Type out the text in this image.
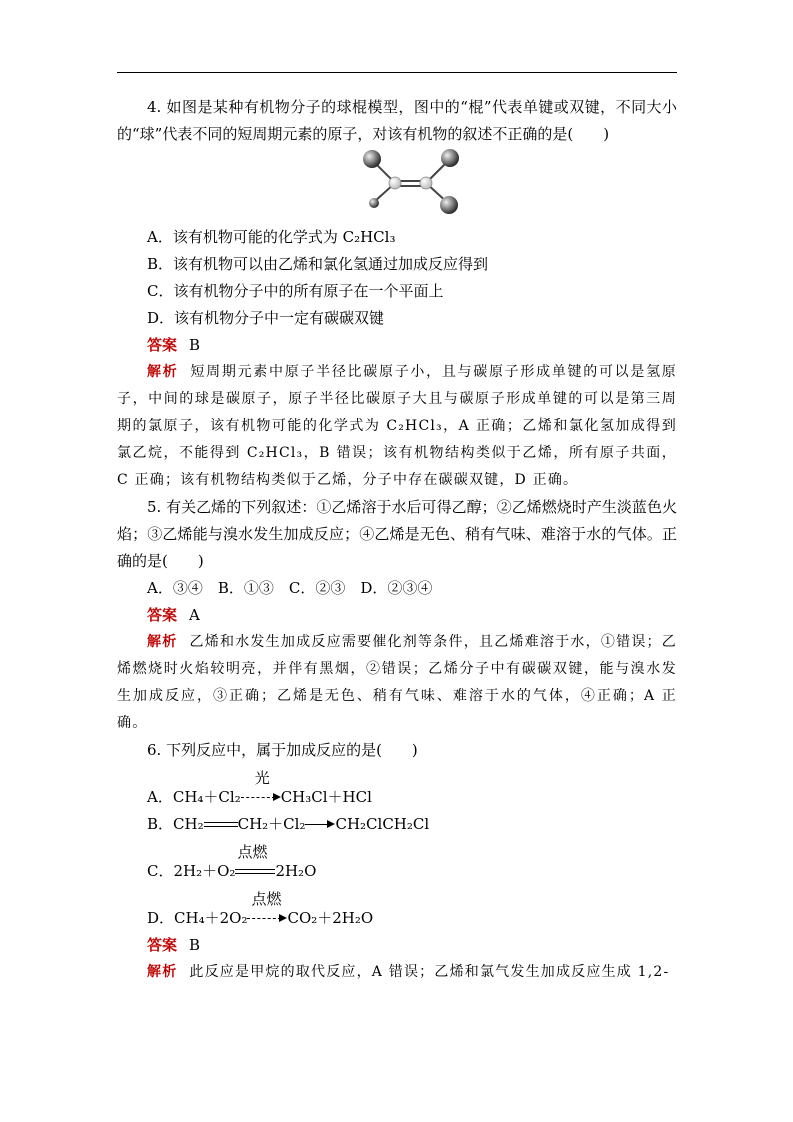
4. 如图是某种有机物分子的球棍模型，图中的“棍”代表单键或双键，不同大小的“球”代表不同的短周期元素的原子，对该有机物的叙述不正确的是(　　)
A．该有机物可能的化学式为 C₂HCl₃
B．该有机物可以由乙烯和氯化氢通过加成反应得到
C．该有机物分子中的所有原子在一个平面上
D．该有机物分子中一定有碳碳双键
答案 B
解析 短周期元素中原子半径比碳原子小，且与碳原子形成单键的可以是氢原子，中间的球是碳原子，原子半径比碳原子大且与碳原子形成单键的可以是第三周期的氯原子，该有机物可能的化学式为 C₂HCl₃，A 正确；乙烯和氯化氢加成得到氯乙烷，不能得到 C₂HCl₃，B 错误；该有机物结构类似于乙烯，所有原子共面，C 正确；该有机物结构类似于乙烯，分子中存在碳碳双键，D 正确。
5. 有关乙烯的下列叙述：①乙烯溶于水后可得乙醇；②乙烯燃烧时产生淡蓝色火焰；③乙烯能与溴水发生加成反应；④乙烯是无色、稍有气味、难溶于水的气体。正确的是(　　)
A．③④　B．①③　C．②③　D．②③④
答案 A
解析 乙烯和水发生加成反应需要催化剂等条件，且乙烯难溶于水，①错误；乙烯燃烧时火焰较明亮，并伴有黑烟，②错误；乙烯分子中有碳碳双键，能与溴水发生加成反应，③正确；乙烯是无色、稍有气味、难溶于水的气体，④正确；A 正确。
6. 下列反应中，属于加成反应的是(　　)
A．CH₄＋Cl₂
光
CH₃Cl＋HCl
B．CH₂ CH₂＋Cl₂ CH₂ClCH₂Cl
C．2H₂＋O₂
点燃
2H₂O
D．CH₄＋2O₂
点燃
CO₂＋2H₂O
答案 B
解析 此反应是甲烷的取代反应，A 错误；乙烯和氯气发生加成反应生成 1,2-
